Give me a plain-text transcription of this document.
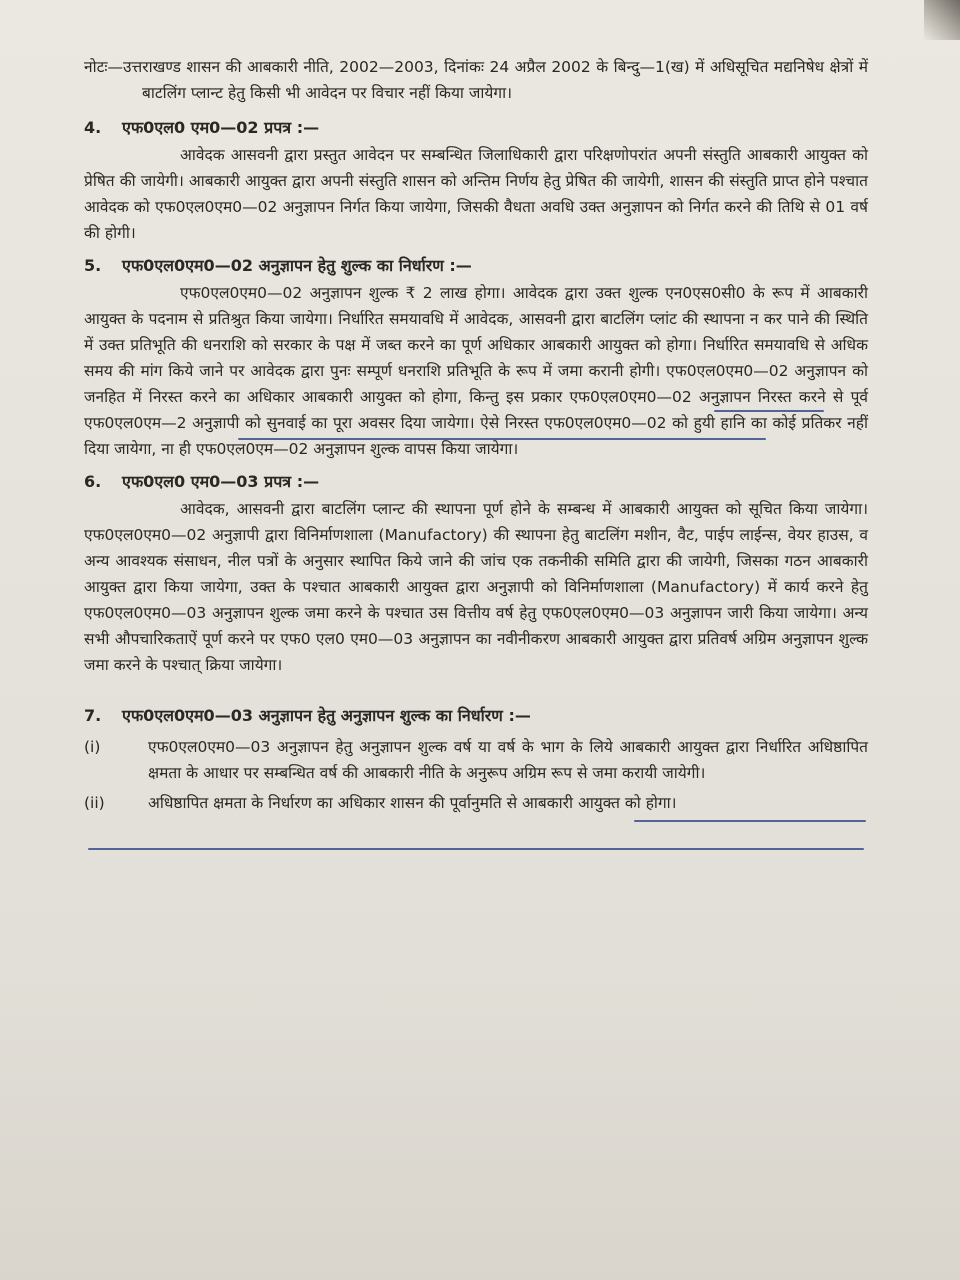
नोटः—उत्तराखण्ड शासन की आबकारी नीति, 2002—2003, दिनांकः 24 अप्रैल 2002 के बिन्दु—1(ख) में अधिसूचित मद्यनिषेध क्षेत्रों में बाटलिंग प्लान्ट हेतु किसी भी आवेदन पर विचार नहीं किया जायेगा।

4. एफ0एल0 एम0—02 प्रपत्र :—

आवेदक आसवनी द्वारा प्रस्तुत आवेदन पर सम्बन्धित जिलाधिकारी द्वारा परिक्षणोपरांत अपनी संस्तुति आबकारी आयुक्त को प्रेषित की जायेगी। आबकारी आयुक्त द्वारा अपनी संस्तुति शासन को अन्तिम निर्णय हेतु प्रेषित की जायेगी, शासन की संस्तुति प्राप्त होने पश्चात आवेदक को एफ0एल0एम0—02 अनुज्ञापन निर्गत किया जायेगा, जिसकी वैधता अवधि उक्त अनुज्ञापन को निर्गत करने की तिथि से 01 वर्ष की होगी।

5. एफ0एल0एम0—02 अनुज्ञापन हेतु शुल्क का निर्धारण :—

एफ0एल0एम0—02 अनुज्ञापन शुल्क ₹ 2 लाख होगा। आवेदक द्वारा उक्त शुल्क एन0एस0सी0 के रूप में आबकारी आयुक्त के पदनाम से प्रतिश्रुत किया जायेगा। निर्धारित समयावधि में आवेदक, आसवनी द्वारा बाटलिंग प्लांट की स्थापना न कर पाने की स्थिति में उक्त प्रतिभूति की धनराशि को सरकार के पक्ष में जब्त करने का पूर्ण अधिकार आबकारी आयुक्त को होगा। निर्धारित समयावधि से अधिक समय की मांग किये जाने पर आवेदक द्वारा पुनः सम्पूर्ण धनराशि प्रतिभूति के रूप में जमा करानी होगी। एफ0एल0एम0—02 अनुज्ञापन को जनहित में निरस्त करने का अधिकार आबकारी आयुक्त को होगा, किन्तु इस प्रकार एफ0एल0एम0—02 अनुज्ञापन निरस्त करने से पूर्व एफ0एल0एम—2 अनुज्ञापी को सुनवाई का पूरा अवसर दिया जायेगा। ऐसे निरस्त एफ0एल0एम0—02 को हुयी हानि का कोई प्रतिकर नहीं दिया जायेगा, ना ही एफ0एल0एम—02 अनुज्ञापन शुल्क वापस किया जायेगा।

6. एफ0एल0 एम0—03 प्रपत्र :—

आवेदक, आसवनी द्वारा बाटलिंग प्लान्ट की स्थापना पूर्ण होने के सम्बन्ध में आबकारी आयुक्त को सूचित किया जायेगा। एफ0एल0एम0—02 अनुज्ञापी द्वारा विनिर्माणशाला (Manufactory) की स्थापना हेतु बाटलिंग मशीन, वैट, पाईप लाईन्स, वेयर हाउस, व अन्य आवश्यक संसाधन, नील पत्रों के अनुसार स्थापित किये जाने की जांच एक तकनीकी समिति द्वारा की जायेगी, जिसका गठन आबकारी आयुक्त द्वारा किया जायेगा, उक्त के पश्चात आबकारी आयुक्त द्वारा अनुज्ञापी को विनिर्माणशाला (Manufactory) में कार्य करने हेतु एफ0एल0एम0—03 अनुज्ञापन शुल्क जमा करने के पश्चात उस वित्तीय वर्ष हेतु एफ0एल0एम0—03 अनुज्ञापन जारी किया जायेगा। अन्य सभी औपचारिकताऐं पूर्ण करने पर एफ0 एल0 एम0—03 अनुज्ञापन का नवीनीकरण आबकारी आयुक्त द्वारा प्रतिवर्ष अग्रिम अनुज्ञापन शुल्क जमा करने के पश्चात् क्रिया जायेगा।

7. एफ0एल0एम0—03 अनुज्ञापन हेतु अनुज्ञापन शुल्क का निर्धारण :—

(i)	एफ0एल0एम0—03 अनुज्ञापन हेतु अनुज्ञापन शुल्क वर्ष या वर्ष के भाग के लिये आबकारी आयुक्त द्वारा निर्धारित अधिष्ठापित क्षमता के आधार पर सम्बन्धित वर्ष की आबकारी नीति के अनुरूप अग्रिम रूप से जमा करायी जायेगी।

(ii)	अधिष्ठापित क्षमता के निर्धारण का अधिकार शासन की पूर्वानुमति से आबकारी आयुक्त को होगा।
